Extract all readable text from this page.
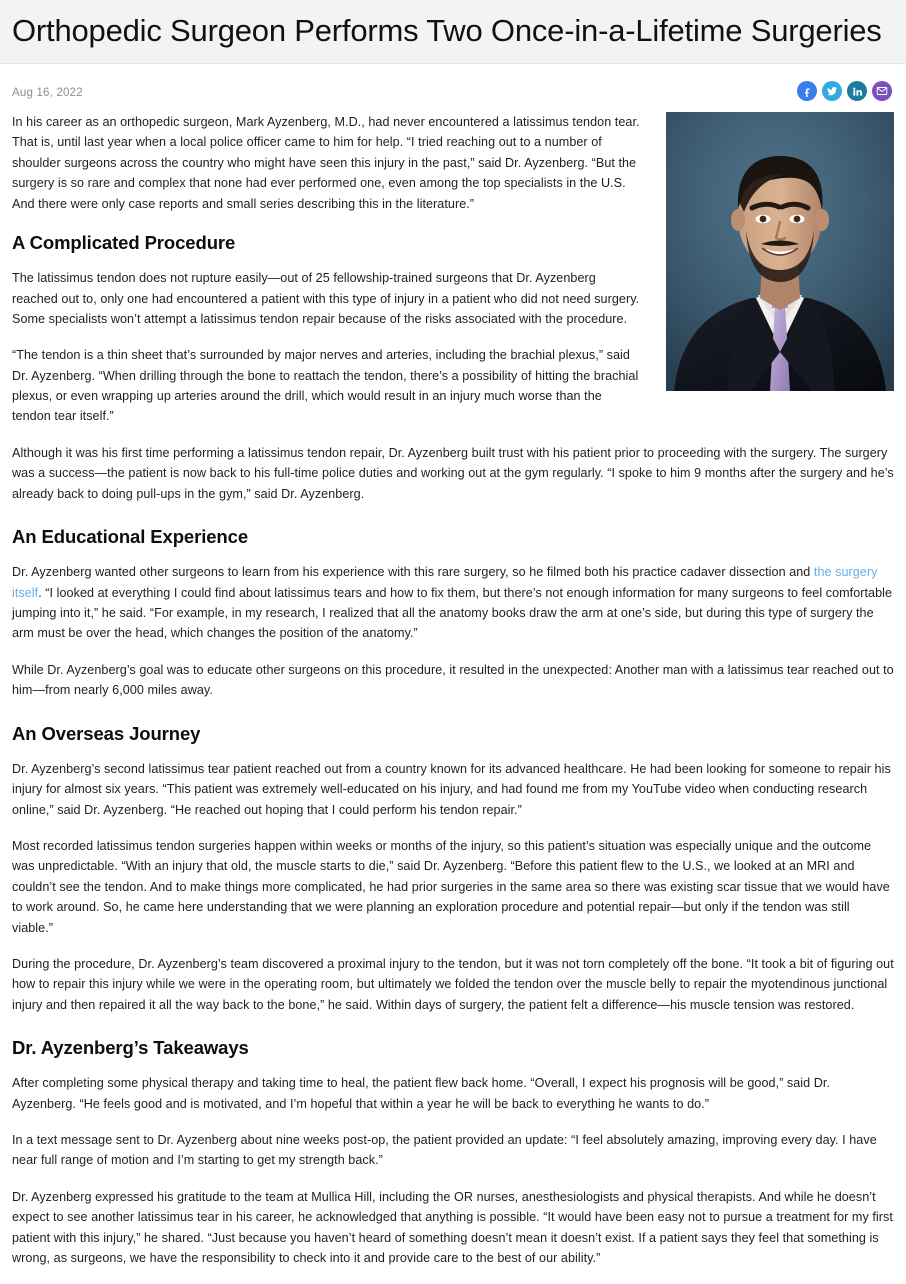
Orthopedic Surgeon Performs Two Once-in-a-Lifetime Surgeries
Aug 16, 2022

In his career as an orthopedic surgeon, Mark Ayzenberg, M.D., had never encountered a latissimus tendon tear. That is, until last year when a local police officer came to him for help. “I tried reaching out to a number of shoulder surgeons across the country who might have seen this injury in the past,” said Dr. Ayzenberg. “But the surgery is so rare and complex that none had ever performed one, even among the top specialists in the U.S. And there were only case reports and small series describing this in the literature.”

A Complicated Procedure

The latissimus tendon does not rupture easily—out of 25 fellowship-trained surgeons that Dr. Ayzenberg reached out to, only one had encountered a patient with this type of injury in a patient who did not need surgery. Some specialists won’t attempt a latissimus tendon repair because of the risks associated with the procedure.

“The tendon is a thin sheet that’s surrounded by major nerves and arteries, including the brachial plexus,” said Dr. Ayzenberg. “When drilling through the bone to reattach the tendon, there’s a possibility of hitting the brachial plexus, or even wrapping up arteries around the drill, which would result in an injury much worse than the tendon tear itself.”

Although it was his first time performing a latissimus tendon repair, Dr. Ayzenberg built trust with his patient prior to proceeding with the surgery. The surgery was a success—the patient is now back to his full-time police duties and working out at the gym regularly. “I spoke to him 9 months after the surgery and he’s already back to doing pull-ups in the gym,” said Dr. Ayzenberg.

An Educational Experience

Dr. Ayzenberg wanted other surgeons to learn from his experience with this rare surgery, so he filmed both his practice cadaver dissection and the surgery itself. “I looked at everything I could find about latissimus tears and how to fix them, but there’s not enough information for many surgeons to feel comfortable jumping into it,” he said. “For example, in my research, I realized that all the anatomy books draw the arm at one’s side, but during this type of surgery the arm must be over the head, which changes the position of the anatomy.”

While Dr. Ayzenberg’s goal was to educate other surgeons on this procedure, it resulted in the unexpected: Another man with a latissimus tear reached out to him—from nearly 6,000 miles away.

An Overseas Journey

Dr. Ayzenberg’s second latissimus tear patient reached out from a country known for its advanced healthcare. He had been looking for someone to repair his injury for almost six years. “This patient was extremely well-educated on his injury, and had found me from my YouTube video when conducting research online,” said Dr. Ayzenberg. “He reached out hoping that I could perform his tendon repair.”

Most recorded latissimus tendon surgeries happen within weeks or months of the injury, so this patient’s situation was especially unique and the outcome was unpredictable. “With an injury that old, the muscle starts to die,” said Dr. Ayzenberg. “Before this patient flew to the U.S., we looked at an MRI and couldn’t see the tendon. And to make things more complicated, he had prior surgeries in the same area so there was existing scar tissue that we would have to work around. So, he came here understanding that we were planning an exploration procedure and potential repair—but only if the tendon was still viable.”

During the procedure, Dr. Ayzenberg’s team discovered a proximal injury to the tendon, but it was not torn completely off the bone. “It took a bit of figuring out how to repair this injury while we were in the operating room, but ultimately we folded the tendon over the muscle belly to repair the myotendinous junctional injury and then repaired it all the way back to the bone,” he said. Within days of surgery, the patient felt a difference—his muscle tension was restored.

Dr. Ayzenberg’s Takeaways

After completing some physical therapy and taking time to heal, the patient flew back home. “Overall, I expect his prognosis will be good,” said Dr. Ayzenberg. “He feels good and is motivated, and I’m hopeful that within a year he will be back to everything he wants to do.”

In a text message sent to Dr. Ayzenberg about nine weeks post-op, the patient provided an update: “I feel absolutely amazing, improving every day. I have near full range of motion and I’m starting to get my strength back.”

Dr. Ayzenberg expressed his gratitude to the team at Mullica Hill, including the OR nurses, anesthesiologists and physical therapists. And while he doesn’t expect to see another latissimus tear in his career, he acknowledged that anything is possible. “It would have been easy not to pursue a treatment for my first patient with this injury,” he shared. “Just because you haven’t heard of something doesn’t mean it doesn’t exist. If a patient says they feel that something is wrong, as surgeons, we have the responsibility to check into it and provide care to the best of our ability.”
